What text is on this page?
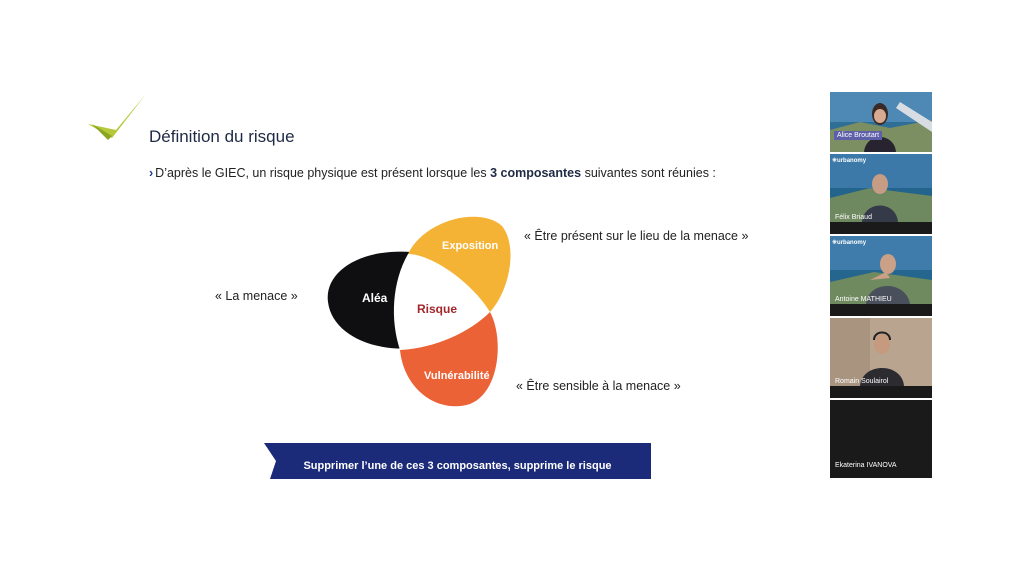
Définition du risque
› D’après le GIEC, un risque physique est présent lorsque les 3 composantes suivantes sont réunies :
Aléa
Exposition
Risque
Vulnérabilité
« La menace »
« Être présent sur le lieu de la menace »
« Être sensible à la menace »
Supprimer l’une de ces 3 composantes, supprime le risque
Alice Broutart
✳urbanomy
Félix Briaud
✳urbanomy
Antoine MATHIEU
Romain Soulairol
Ekaterina IVANOVA
